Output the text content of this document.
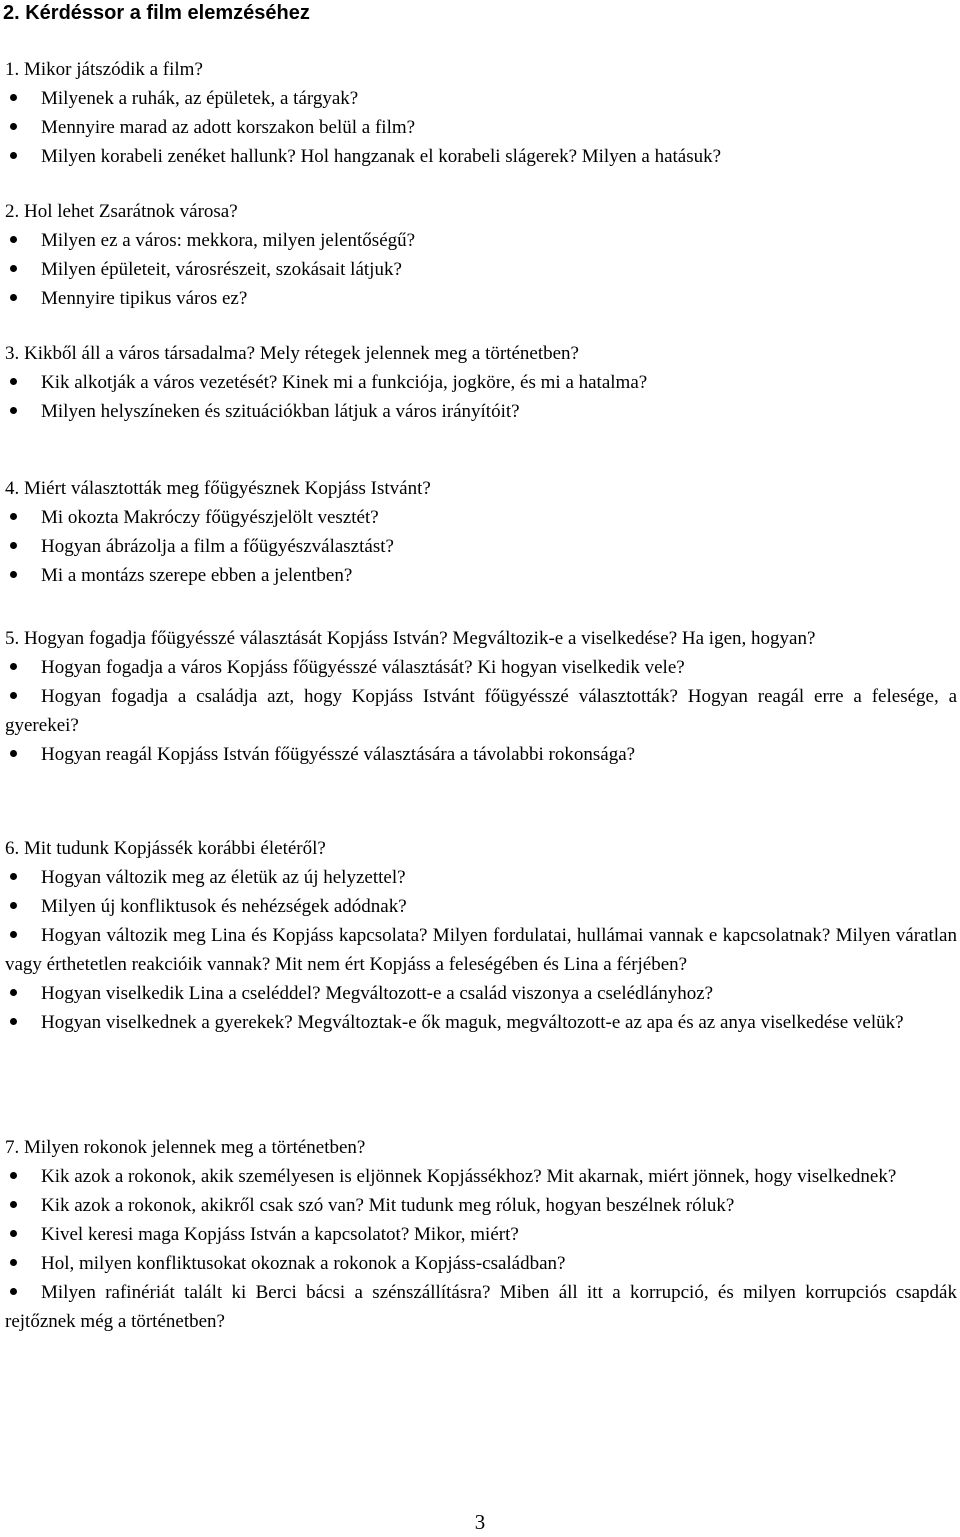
2. Kérdéssor a film elemzéséhez

1. Mikor játszódik a film?

Milyenek a ruhák, az épületek, a tárgyak?
Mennyire marad az adott korszakon belül a film?
Milyen korabeli zenéket hallunk? Hol hangzanak el korabeli slágerek? Milyen a hatásuk?

2. Hol lehet Zsarátnok városa?

Milyen ez a város: mekkora, milyen jelentőségű?
Milyen épületeit, városrészeit, szokásait látjuk?
Mennyire tipikus város ez?

3. Kikből áll a város társadalma? Mely rétegek jelennek meg a történetben?

Kik alkotják a város vezetését? Kinek mi a funkciója, jogköre, és mi a hatalma?
Milyen helyszíneken és szituációkban látjuk a város irányítóit?

4. Miért választották meg főügyésznek Kopjáss Istvánt?

Mi okozta Makróczy főügyészjelölt vesztét?
Hogyan ábrázolja a film a főügyészválasztást?
Mi a montázs szerepe ebben a jelentben?

5. Hogyan fogadja főügyésszé választását Kopjáss István? Megváltozik-e a viselkedése? Ha igen, hogyan?

Hogyan fogadja a város Kopjáss főügyésszé választását? Ki hogyan viselkedik vele?
Hogyan fogadja a családja azt, hogy Kopjáss Istvánt főügyésszé választották? Hogyan reagál erre a felesége, a gyerekei?
Hogyan reagál Kopjáss István főügyésszé választására a távolabbi rokonsága?

6. Mit tudunk Kopjássék korábbi életéről?

Hogyan változik meg az életük az új helyzettel?
Milyen új konfliktusok és nehézségek adódnak?
Hogyan változik meg Lina és Kopjáss kapcsolata? Milyen fordulatai, hullámai vannak e kapcsolatnak? Milyen váratlan vagy érthetetlen reakcióik vannak? Mit nem ért Kopjáss a feleségében és Lina a férjében?
Hogyan viselkedik Lina a cseléddel? Megváltozott-e a család viszonya a cselédlányhoz?
Hogyan viselkednek a gyerekek? Megváltoztak-e ők maguk, megváltozott-e az apa és az anya viselkedése velük?

7. Milyen rokonok jelennek meg a történetben?

Kik azok a rokonok, akik személyesen is eljönnek Kopjássékhoz? Mit akarnak, miért jönnek, hogy viselkednek?
Kik azok a rokonok, akikről csak szó van? Mit tudunk meg róluk, hogyan beszélnek róluk?
Kivel keresi maga Kopjáss István a kapcsolatot? Mikor, miért?
Hol, milyen konfliktusokat okoznak a rokonok a Kopjáss-családban?
Milyen rafinériát talált ki Berci bácsi a szénszállításra? Miben áll itt a korrupció, és milyen korrupciós csapdák rejtőznek még a történetben?
3
